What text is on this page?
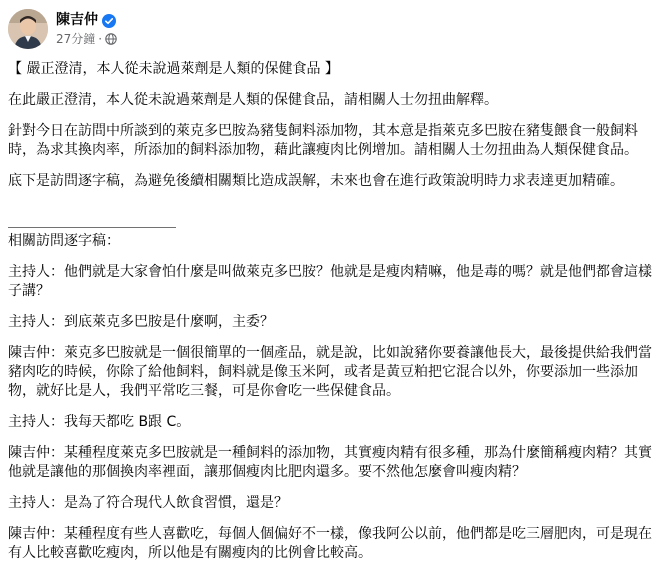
陳吉仲
27分鐘 ·

【 嚴正澄清，本人從未說過萊劑是人類的保健食品 】

在此嚴正澄清，本人從未說過萊劑是人類的保健食品，請相關人士勿扭曲解釋。

針對今日在訪問中所談到的萊克多巴胺為豬隻飼料添加物，其本意是指萊克多巴胺在豬隻餵食一般飼料時，為求其換肉率，所添加的飼料添加物，藉此讓瘦肉比例增加。請相關人士勿扭曲為人類保健食品。

底下是訪問逐字稿，為避免後續相關類比造成誤解，未來也會在進行政策說明時力求表達更加精確。

＿＿＿＿＿＿＿＿＿＿＿＿

相關訪問逐字稿：

主持人：他們就是大家會怕什麼是叫做萊克多巴胺？他就是是瘦肉精嘛，他是毒的嗎？就是他們都會這樣子講？

主持人：到底萊克多巴胺是什麼啊，主委？

陳吉仲：萊克多巴胺就是一個很簡單的一個產品，就是說，比如說豬你要養讓他長大，最後提供給我們當豬肉吃的時候，你除了給他飼料，飼料就是像玉米阿，或者是黃豆粕把它混合以外，你要添加一些添加物，就好比是人，我們平常吃三餐，可是你會吃一些保健食品。

主持人：我每天都吃 B跟 C。

陳吉仲：某種程度萊克多巴胺就是一種飼料的添加物，其實瘦肉精有很多種，那為什麼簡稱瘦肉精？其實他就是讓他的那個換肉率裡面，讓那個瘦肉比肥肉還多。要不然他怎麼會叫瘦肉精？

主持人：是為了符合現代人飲食習慣，還是？

陳吉仲：某種程度有些人喜歡吃，每個人個偏好不一樣，像我阿公以前，他們都是吃三層肥肉，可是現在有人比較喜歡吃瘦肉，所以他是有關瘦肉的比例會比較高。
